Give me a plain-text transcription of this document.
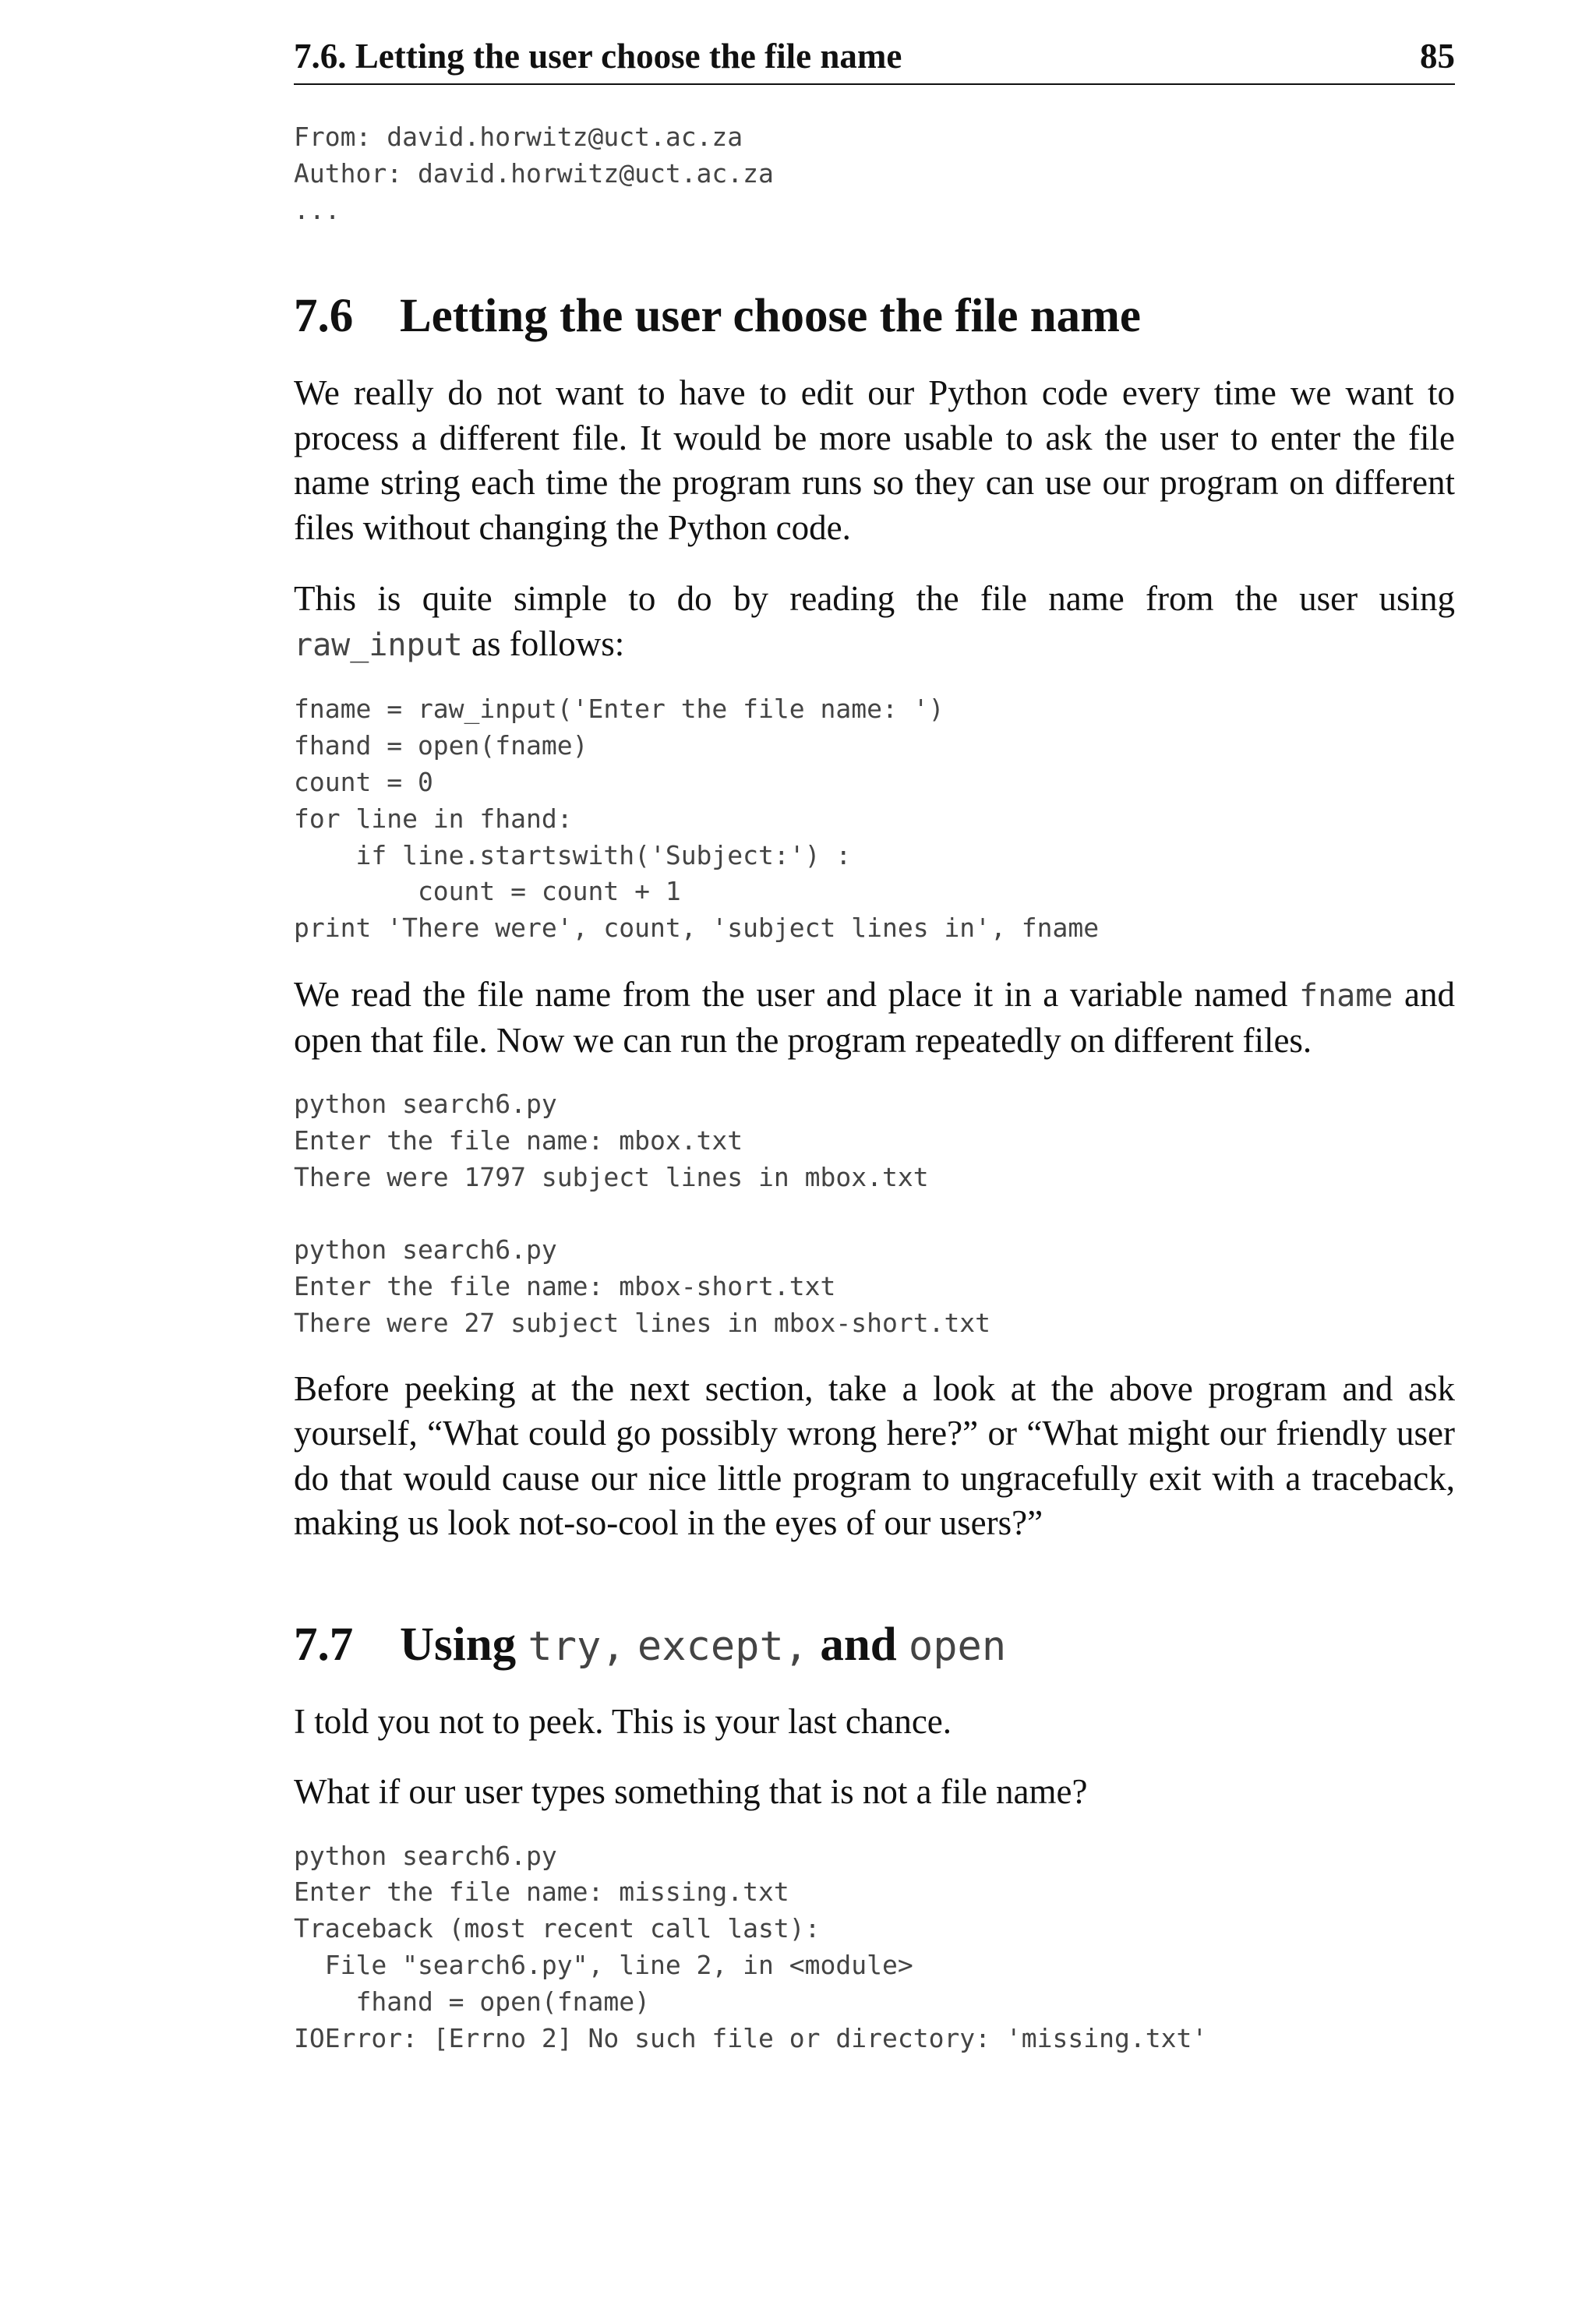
7.6. Letting the user choose the file name	85
From: david.horwitz@uct.ac.za
Author: david.horwitz@uct.ac.za
...
7.6 Letting the user choose the file name

We really do not want to have to edit our Python code every time we want to process a different file. It would be more usable to ask the user to enter the file name string each time the program runs so they can use our program on different files without changing the Python code.

This is quite simple to do by reading the file name from the user using raw_input as follows:

fname = raw_input('Enter the file name: ')
fhand = open(fname)
count = 0
for line in fhand:
if line.startswith('Subject:') :
count = count + 1
print 'There were', count, 'subject lines in', fname

We read the file name from the user and place it in a variable named fname and open that file. Now we can run the program repeatedly on different files.

python search6.py
Enter the file name: mbox.txt
There were 1797 subject lines in mbox.txt

python search6.py
Enter the file name: mbox-short.txt
There were 27 subject lines in mbox-short.txt

Before peeking at the next section, take a look at the above program and ask yourself, “What could go possibly wrong here?” or “What might our friendly user do that would cause our nice little program to ungracefully exit with a traceback, making us look not-so-cool in the eyes of our users?”

7.7 Using try, except, and open

I told you not to peek. This is your last chance.

What if our user types something that is not a file name?

python search6.py
Enter the file name: missing.txt
Traceback (most recent call last):
File "search6.py", line 2, in <module>
fhand = open(fname)
IOError: [Errno 2] No such file or directory: 'missing.txt'
